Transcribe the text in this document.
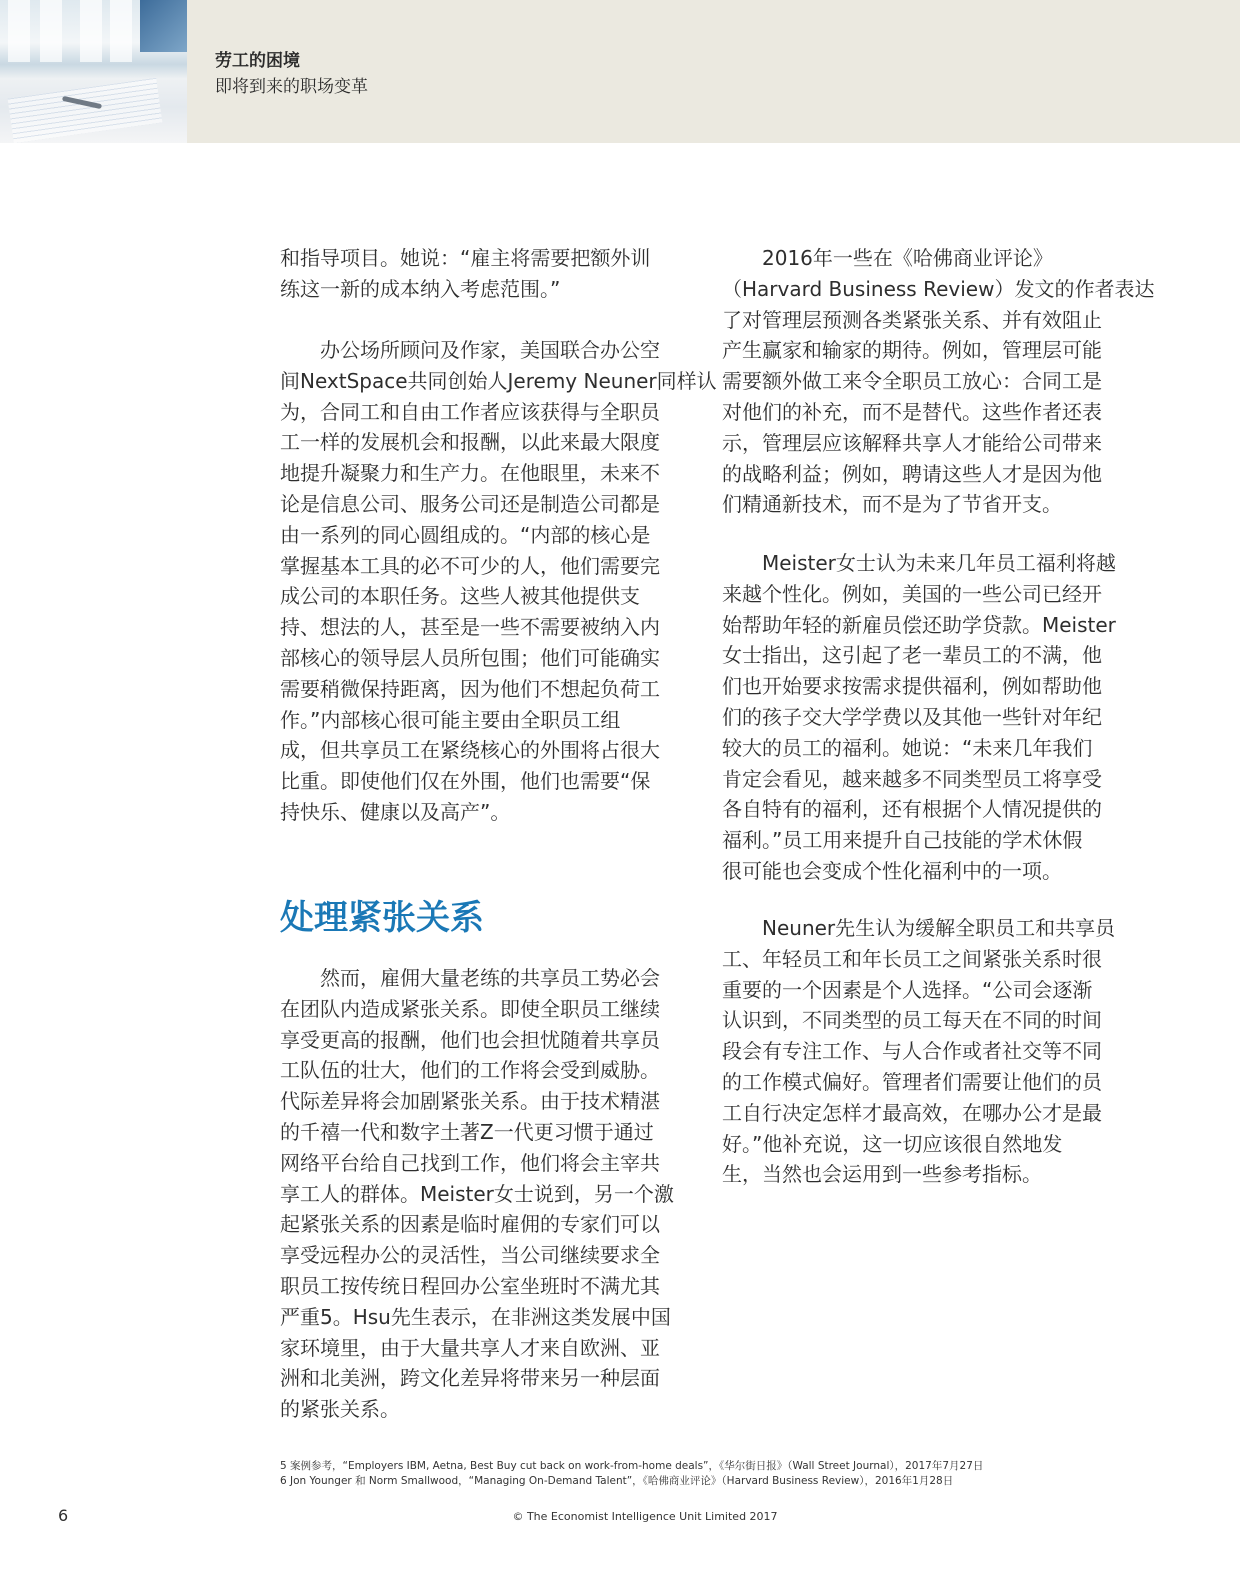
劳工的困境
即将到来的职场变革
和指导项目。她说：“雇主将需要把额外训
练这一新的成本纳入考虑范围。”
　　办公场所顾问及作家，美国联合办公空
间NextSpace共同创始人Jeremy Neuner同样认
为，合同工和自由工作者应该获得与全职员
工一样的发展机会和报酬，以此来最大限度
地提升凝聚力和生产力。在他眼里，未来不
论是信息公司、服务公司还是制造公司都是
由一系列的同心圆组成的。“内部的核心是
掌握基本工具的必不可少的人，他们需要完
成公司的本职任务。这些人被其他提供支
持、想法的人，甚至是一些不需要被纳入内
部核心的领导层人员所包围；他们可能确实
需要稍微保持距离，因为他们不想起负荷工
作。”内部核心很可能主要由全职员工组
成，但共享员工在紧绕核心的外围将占很大
比重。即使他们仅在外围，他们也需要“保
持快乐、健康以及高产”。
处理紧张关系
　　然而，雇佣大量老练的共享员工势必会
在团队内造成紧张关系。即使全职员工继续
享受更高的报酬，他们也会担忧随着共享员
工队伍的壮大，他们的工作将会受到威胁。
代际差异将会加剧紧张关系。由于技术精湛
的千禧一代和数字土著Z一代更习惯于通过
网络平台给自己找到工作，他们将会主宰共
享工人的群体。Meister女士说到，另一个激
起紧张关系的因素是临时雇佣的专家们可以
享受远程办公的灵活性，当公司继续要求全
职员工按传统日程回办公室坐班时不满尤其
严重5。Hsu先生表示，在非洲这类发展中国
家环境里，由于大量共享人才来自欧洲、亚
洲和北美洲，跨文化差异将带来另一种层面
的紧张关系。
　　2016年一些在《哈佛商业评论》
（Harvard Business Review）发文的作者表达
了对管理层预测各类紧张关系、并有效阻止
产生赢家和输家的期待。例如，管理层可能
需要额外做工来令全职员工放心：合同工是
对他们的补充，而不是替代。这些作者还表
示，管理层应该解释共享人才能给公司带来
的战略利益；例如，聘请这些人才是因为他
们精通新技术，而不是为了节省开支。
　　Meister女士认为未来几年员工福利将越
来越个性化。例如，美国的一些公司已经开
始帮助年轻的新雇员偿还助学贷款。Meister
女士指出，这引起了老一辈员工的不满，他
们也开始要求按需求提供福利，例如帮助他
们的孩子交大学学费以及其他一些针对年纪
较大的员工的福利。她说：“未来几年我们
肯定会看见，越来越多不同类型员工将享受
各自特有的福利，还有根据个人情况提供的
福利。”员工用来提升自己技能的学术休假
很可能也会变成个性化福利中的一项。
　　Neuner先生认为缓解全职员工和共享员
工、年轻员工和年长员工之间紧张关系时很
重要的一个因素是个人选择。“公司会逐渐
认识到，不同类型的员工每天在不同的时间
段会有专注工作、与人合作或者社交等不同
的工作模式偏好。管理者们需要让他们的员
工自行决定怎样才最高效，在哪办公才是最
好。”他补充说，这一切应该很自然地发
生，当然也会运用到一些参考指标。
5 案例参考，“Employers IBM, Aetna, Best Buy cut back on work-from-home deals”，《华尔街日报》（Wall Street Journal），2017年7月27日
6 Jon Younger 和 Norm Smallwood，“Managing On-Demand Talent”，《哈佛商业评论》（Harvard Business Review），2016年1月28日
6	© The Economist Intelligence Unit Limited 2017
